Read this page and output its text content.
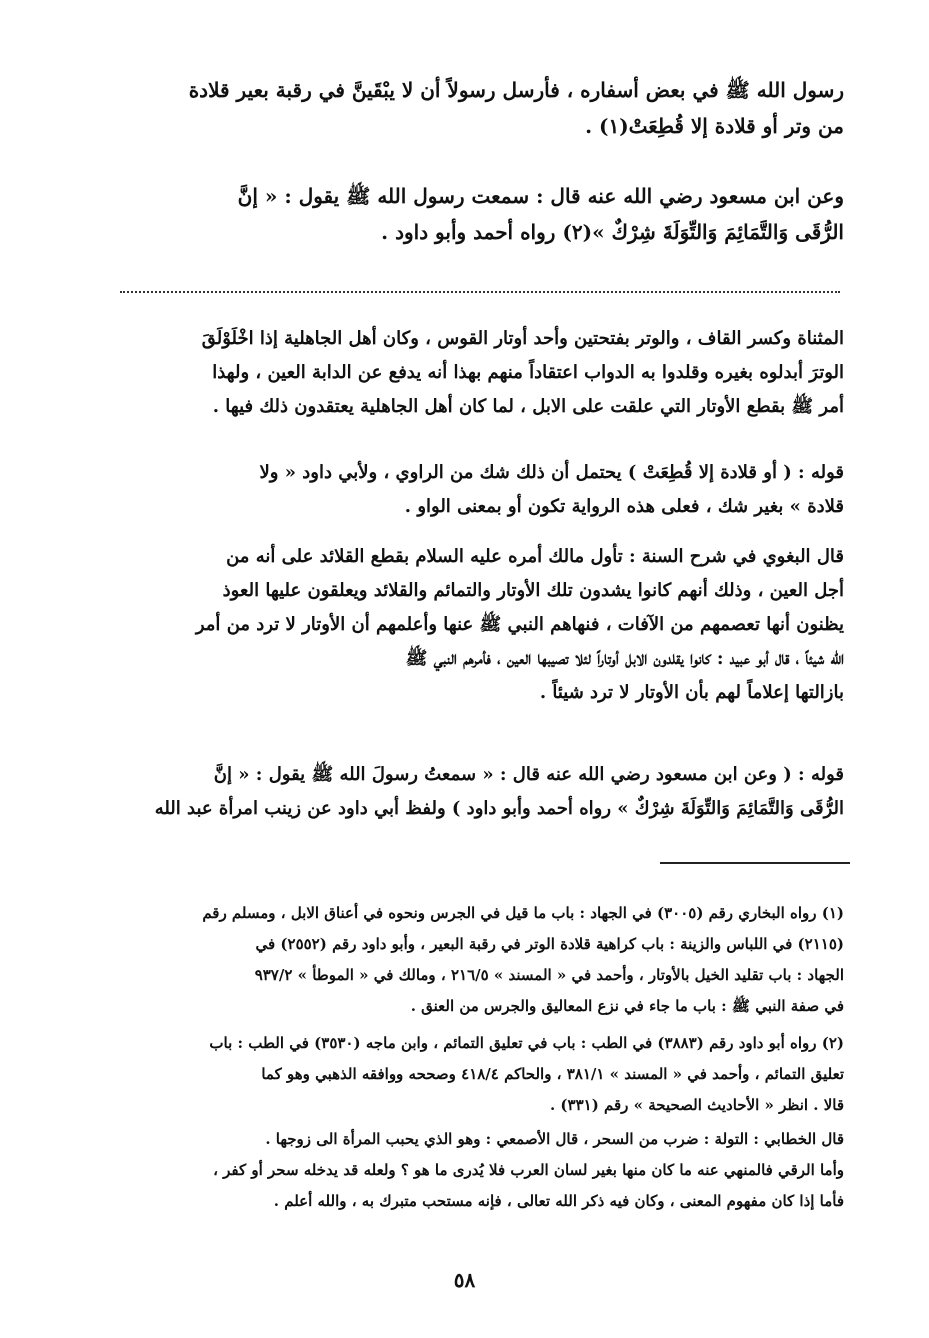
رسول الله ﷺ في بعض أسفاره ، فأرسل رسولاً أن لا يبْقَينَّ في رقبة بعير قلادة
من وتر أو قلادة إلا قُطِعَتْ(١) .
وعن ابن مسعود رضي الله عنه قال : سمعت رسول الله ﷺ يقول : « إنَّ
الرُّقَى وَالتَّمَائِمَ وَالتِّوَلَةَ شِرْكٌ »(٢) رواه أحمد وأبو داود .
المثناة وكسر القاف ، والوتر بفتحتين وأحد أوتار القوس ، وكان أهل الجاهلية إذا اخْلَوْلَقَ
الوترَ أبدلوه بغيره وقلدوا به الدواب اعتقاداً منهم بهذا أنه يدفع عن الدابة العين ، ولهذا
أمر ﷺ بقطع الأوتار التي علقت على الابل ، لما كان أهل الجاهلية يعتقدون ذلك فيها .
قوله : ( أو قلادة إلا قُطِعَتْ ) يحتمل أن ذلك شك من الراوي ، ولأبي داود « ولا
قلادة » بغير شك ، فعلى هذه الرواية تكون أو بمعنى الواو .
قال البغوي في شرح السنة : تأول مالك أمره عليه السلام بقطع القلائد على أنه من
أجل العين ، وذلك أنهم كانوا يشدون تلك الأوتار والتمائم والقلائد ويعلقون عليها العوذ
يظنون أنها تعصمهم من الآفات ، فنهاهم النبي ﷺ عنها وأعلمهم أن الأوتار لا ترد من أمر
الله شيئاً ، قال أبو عبيد : كانوا يقلدون الابل أوتاراً لئلا تصيبها العين ، فأمرهم النبي ﷺ
بازالتها إعلاماً لهم بأن الأوتار لا ترد شيئاً .
قوله : ( وعن ابن مسعود رضي الله عنه قال : « سمعتُ رسولَ الله ﷺ يقول : « إنَّ
الرُّقَى وَالتَّمَائِمَ وَالتِّوَلَةَ شِرْكٌ » رواه أحمد وأبو داود ) ولفظ أبي داود عن زينب امرأة عبد الله
(١) رواه البخاري رقم (٣٠٠٥) في الجهاد : باب ما قيل في الجرس ونحوه في أعناق الابل ، ومسلم رقم
(٢١١٥) في اللباس والزينة : باب كراهية قلادة الوتر في رقبة البعير ، وأبو داود رقم (٢٥٥٢) في
الجهاد : باب تقليد الخيل بالأوتار ، وأحمد في « المسند » ٢١٦/٥ ، ومالك في « الموطأ » ٩٣٧/٢
في صفة النبي ﷺ : باب ما جاء في نزع المعاليق والجرس من العنق .
(٢) رواه أبو داود رقم (٣٨٨٣) في الطب : باب في تعليق التمائم ، وابن ماجه (٣٥٣٠) في الطب : باب
تعليق التمائم ، وأحمد في « المسند » ٣٨١/١ ، والحاكم ٤١٨/٤ وصححه ووافقه الذهبي وهو كما
قالا . انظر « الأحاديث الصحيحة » رقم (٣٣١) .
قال الخطابي : التولة : ضرب من السحر ، قال الأصمعي : وهو الذي يحبب المرأة الى زوجها .
وأما الرقي فالمنهي عنه ما كان منها بغير لسان العرب فلا يُدرى ما هو ؟ ولعله قد يدخله سحر أو كفر ،
فأما إذا كان مفهوم المعنى ، وكان فيه ذكر الله تعالى ، فإنه مستحب متبرك به ، والله أعلم .
٥٨
